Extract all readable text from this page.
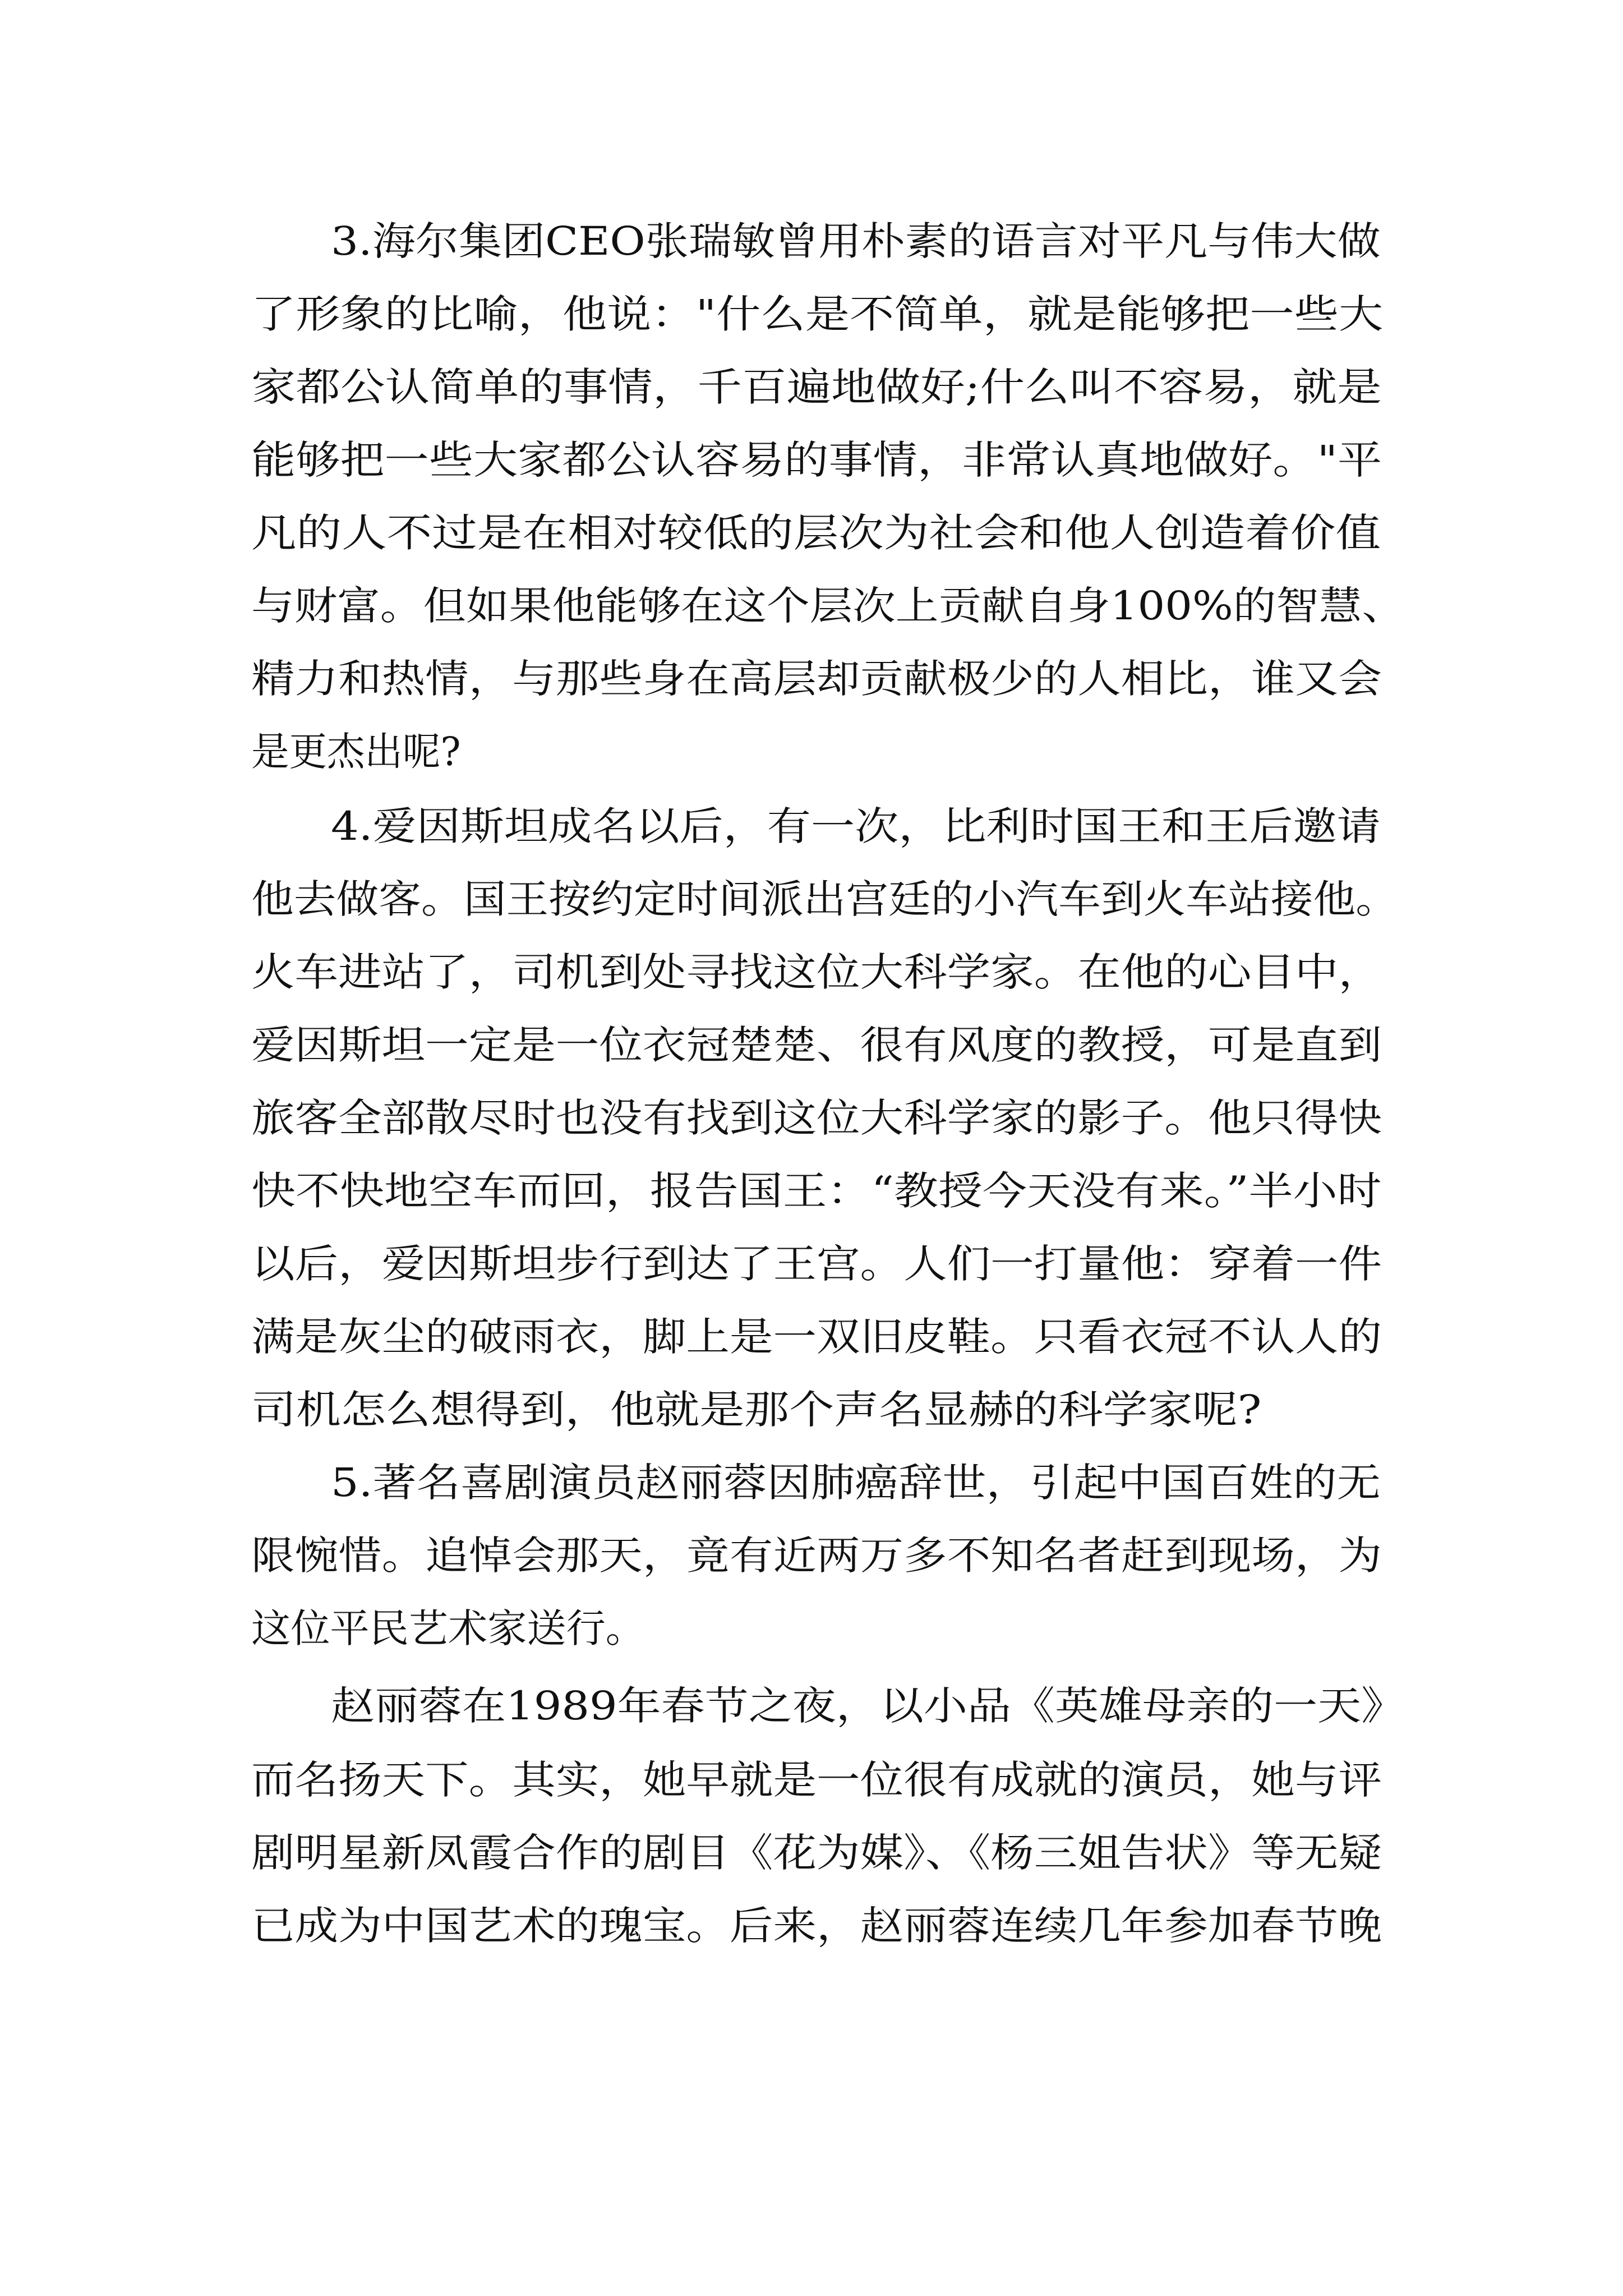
3.海尔集团CEO张瑞敏曾用朴素的语言对平凡与伟大做

了形象的比喻，他说："什么是不简单，就是能够把一些大

家都公认简单的事情，千百遍地做好;什么叫不容易，就是

能够把一些大家都公认容易的事情，非常认真地做好。"平

凡的人不过是在相对较低的层次为社会和他人创造着价值

与财富。但如果他能够在这个层次上贡献自身100%的智慧、

精力和热情，与那些身在高层却贡献极少的人相比，谁又会

是更杰出呢?

4.爱因斯坦成名以后，有一次，比利时国王和王后邀请

他去做客。国王按约定时间派出宫廷的小汽车到火车站接他。

火车进站了，司机到处寻找这位大科学家。在他的心目中，

爱因斯坦一定是一位衣冠楚楚、很有风度的教授，可是直到

旅客全部散尽时也没有找到这位大科学家的影子。他只得快

快不快地空车而回，报告国王：“教授今天没有来。”半小时

以后，爱因斯坦步行到达了王宫。人们一打量他：穿着一件

满是灰尘的破雨衣，脚上是一双旧皮鞋。只看衣冠不认人的

司机怎么想得到，他就是那个声名显赫的科学家呢?

5.著名喜剧演员赵丽蓉因肺癌辞世，引起中国百姓的无

限惋惜。追悼会那天，竟有近两万多不知名者赶到现场，为

这位平民艺术家送行。

赵丽蓉在1989年春节之夜，以小品《英雄母亲的一天》

而名扬天下。其实，她早就是一位很有成就的演员，她与评

剧明星新凤霞合作的剧目《花为媒》、《杨三姐告状》等无疑

已成为中国艺术的瑰宝。后来，赵丽蓉连续几年参加春节晚
